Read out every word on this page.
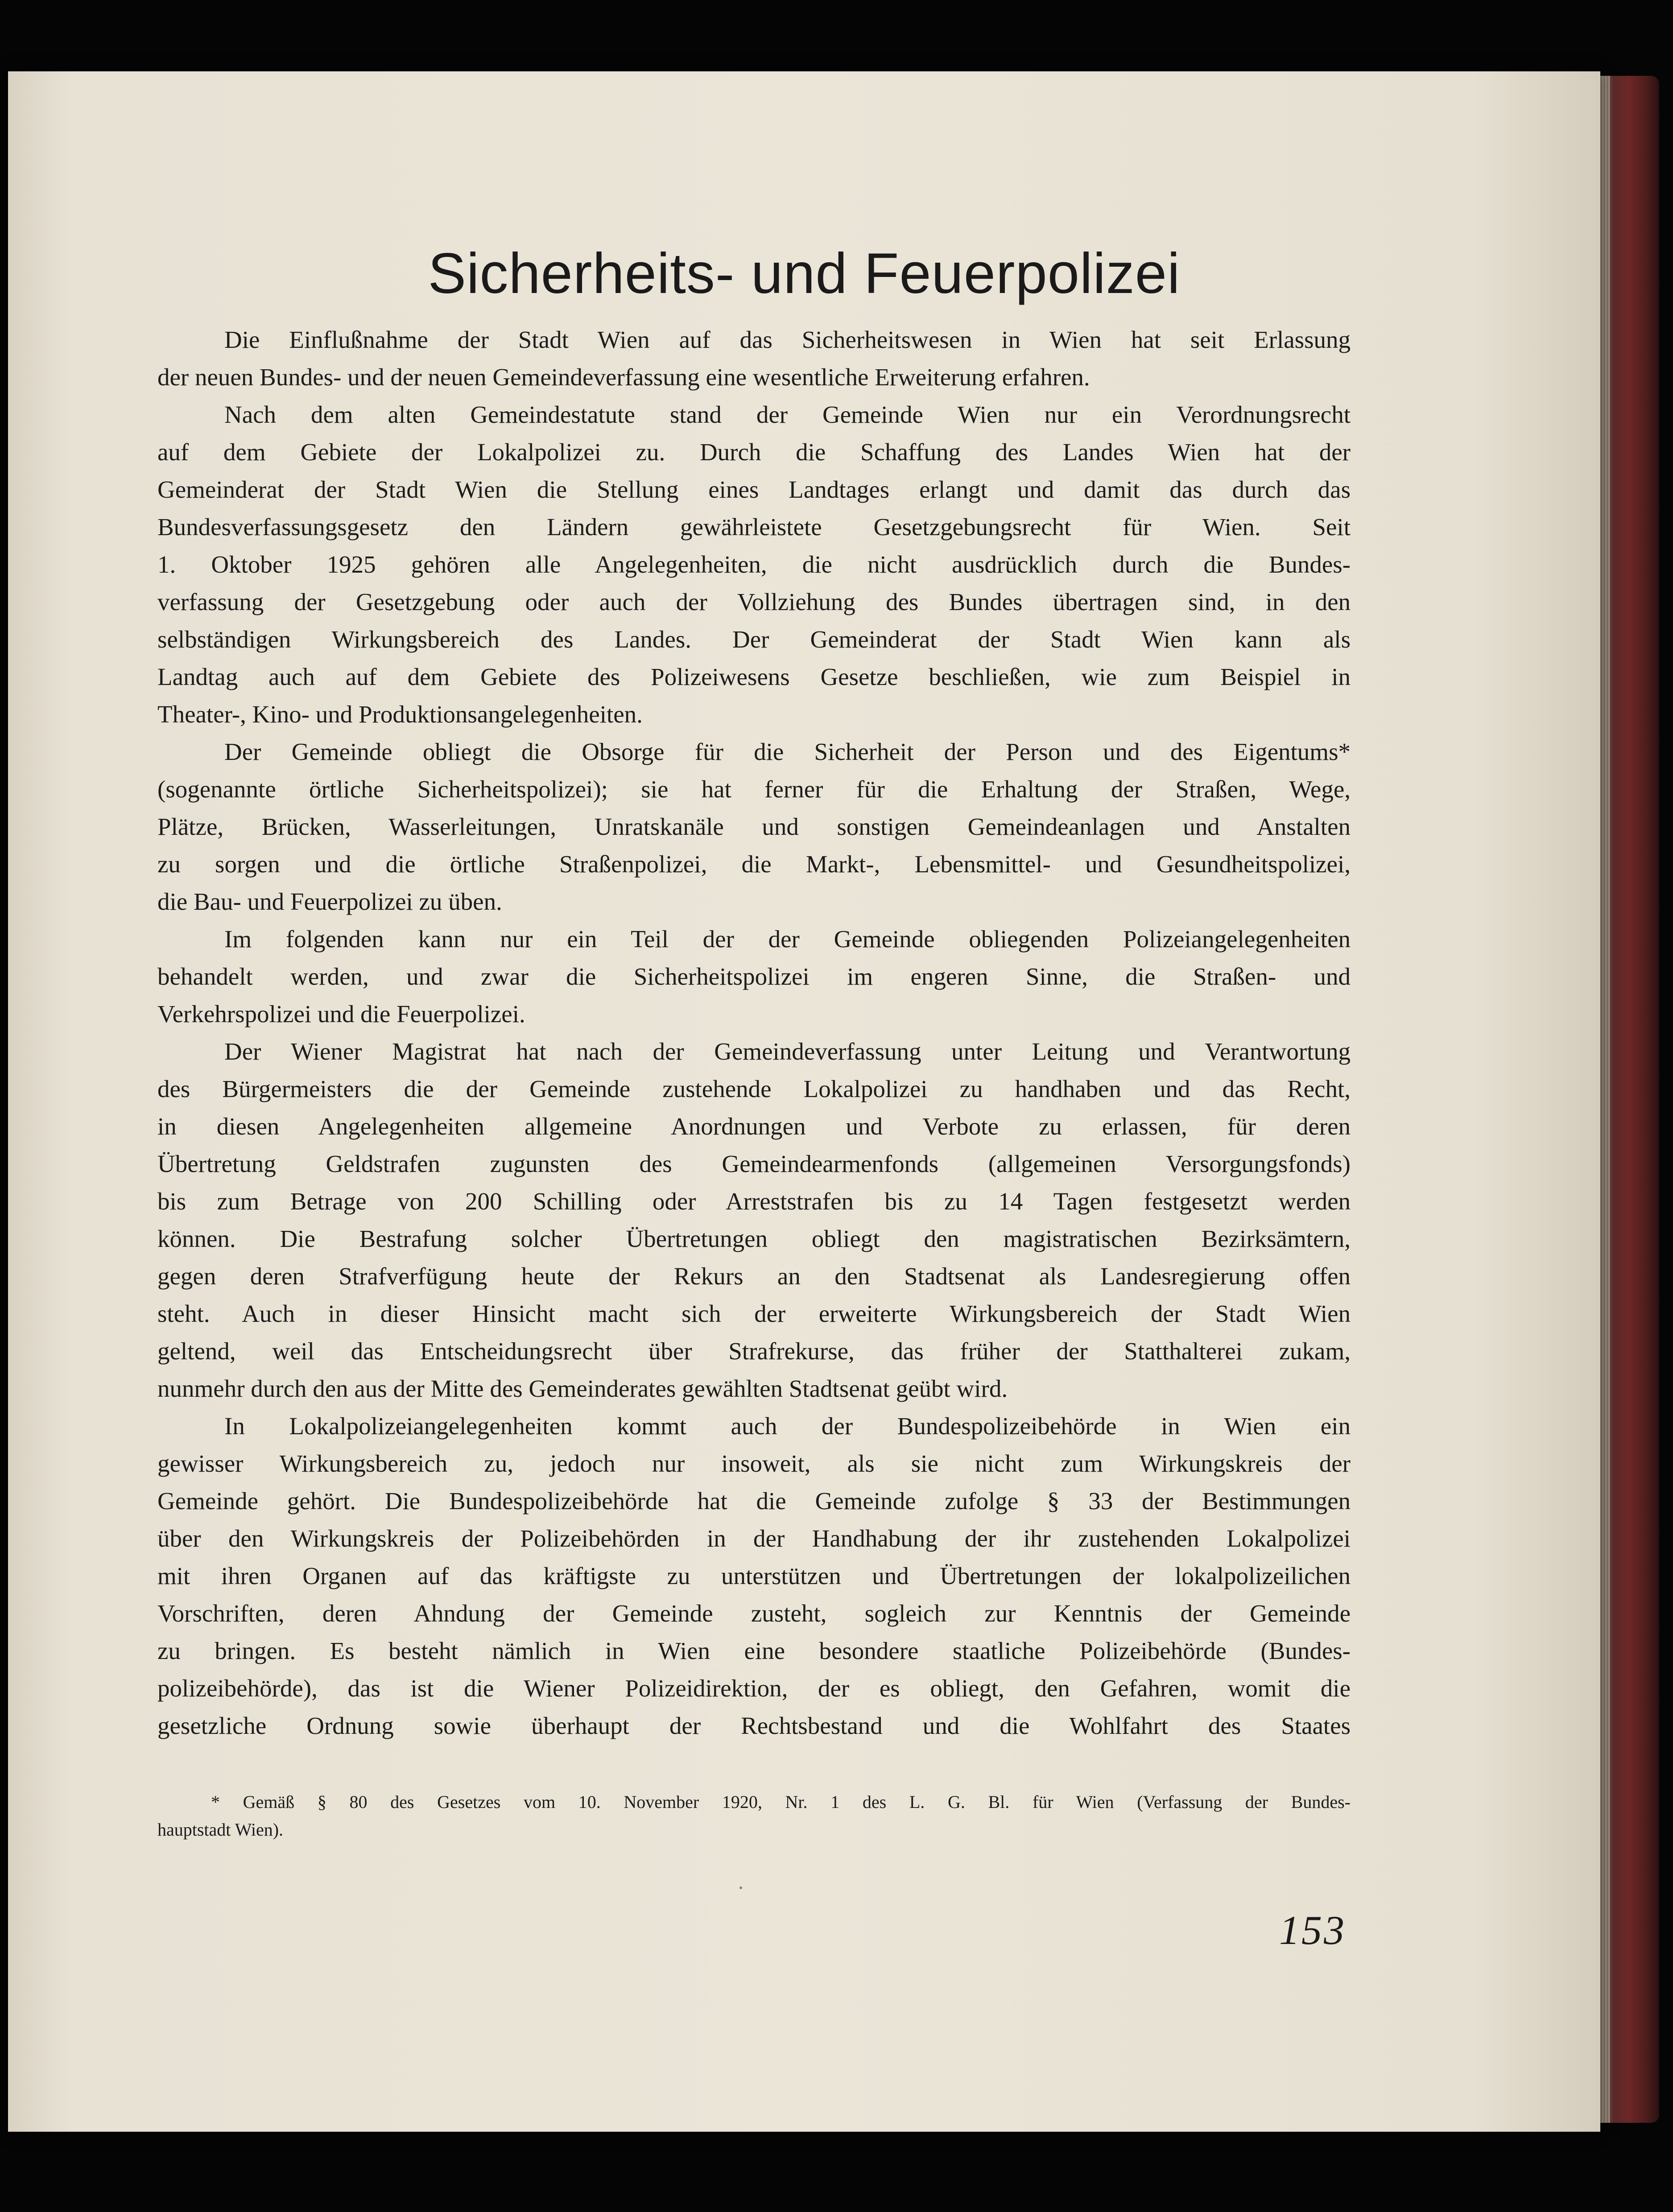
Sicherheits- und Feuerpolizei
Die Einflußnahme der Stadt Wien auf das Sicherheitswesen in Wien hat seit Erlassung
der neuen Bundes- und der neuen Gemeindeverfassung eine wesentliche Erweiterung erfahren.
Nach dem alten Gemeindestatute stand der Gemeinde Wien nur ein Verordnungsrecht
auf dem Gebiete der Lokalpolizei zu. Durch die Schaffung des Landes Wien hat der
Gemeinderat der Stadt Wien die Stellung eines Landtages erlangt und damit das durch das
Bundesverfassungsgesetz den Ländern gewährleistete Gesetzgebungsrecht für Wien. Seit
1. Oktober 1925 gehören alle Angelegenheiten, die nicht ausdrücklich durch die Bundes-
verfassung der Gesetzgebung oder auch der Vollziehung des Bundes übertragen sind, in den
selbständigen Wirkungsbereich des Landes. Der Gemeinderat der Stadt Wien kann als
Landtag auch auf dem Gebiete des Polizeiwesens Gesetze beschließen, wie zum Beispiel in
Theater-, Kino- und Produktionsangelegenheiten.
Der Gemeinde obliegt die Obsorge für die Sicherheit der Person und des Eigentums*
(sogenannte örtliche Sicherheitspolizei); sie hat ferner für die Erhaltung der Straßen, Wege,
Plätze, Brücken, Wasserleitungen, Unratskanäle und sonstigen Gemeindeanlagen und Anstalten
zu sorgen und die örtliche Straßenpolizei, die Markt-, Lebensmittel- und Gesundheitspolizei,
die Bau- und Feuerpolizei zu üben.
Im folgenden kann nur ein Teil der der Gemeinde obliegenden Polizeiangelegenheiten
behandelt werden, und zwar die Sicherheitspolizei im engeren Sinne, die Straßen- und
Verkehrspolizei und die Feuerpolizei.
Der Wiener Magistrat hat nach der Gemeindeverfassung unter Leitung und Verantwortung
des Bürgermeisters die der Gemeinde zustehende Lokalpolizei zu handhaben und das Recht,
in diesen Angelegenheiten allgemeine Anordnungen und Verbote zu erlassen, für deren
Übertretung Geldstrafen zugunsten des Gemeindearmenfonds (allgemeinen Versorgungsfonds)
bis zum Betrage von 200 Schilling oder Arreststrafen bis zu 14 Tagen festgesetzt werden
können. Die Bestrafung solcher Übertretungen obliegt den magistratischen Bezirksämtern,
gegen deren Strafverfügung heute der Rekurs an den Stadtsenat als Landesregierung offen
steht. Auch in dieser Hinsicht macht sich der erweiterte Wirkungsbereich der Stadt Wien
geltend, weil das Entscheidungsrecht über Strafrekurse, das früher der Statthalterei zukam,
nunmehr durch den aus der Mitte des Gemeinderates gewählten Stadtsenat geübt wird.
In Lokalpolizeiangelegenheiten kommt auch der Bundespolizeibehörde in Wien ein
gewisser Wirkungsbereich zu, jedoch nur insoweit, als sie nicht zum Wirkungskreis der
Gemeinde gehört. Die Bundespolizeibehörde hat die Gemeinde zufolge § 33 der Bestimmungen
über den Wirkungskreis der Polizeibehörden in der Handhabung der ihr zustehenden Lokalpolizei
mit ihren Organen auf das kräftigste zu unterstützen und Übertretungen der lokalpolizeilichen
Vorschriften, deren Ahndung der Gemeinde zusteht, sogleich zur Kenntnis der Gemeinde
zu bringen. Es besteht nämlich in Wien eine besondere staatliche Polizeibehörde (Bundes-
polizeibehörde), das ist die Wiener Polizeidirektion, der es obliegt, den Gefahren, womit die
gesetzliche Ordnung sowie überhaupt der Rechtsbestand und die Wohlfahrt des Staates
* Gemäß § 80 des Gesetzes vom 10. November 1920, Nr. 1 des L. G. Bl. für Wien (Verfassung der Bundes-
hauptstadt Wien).
153
